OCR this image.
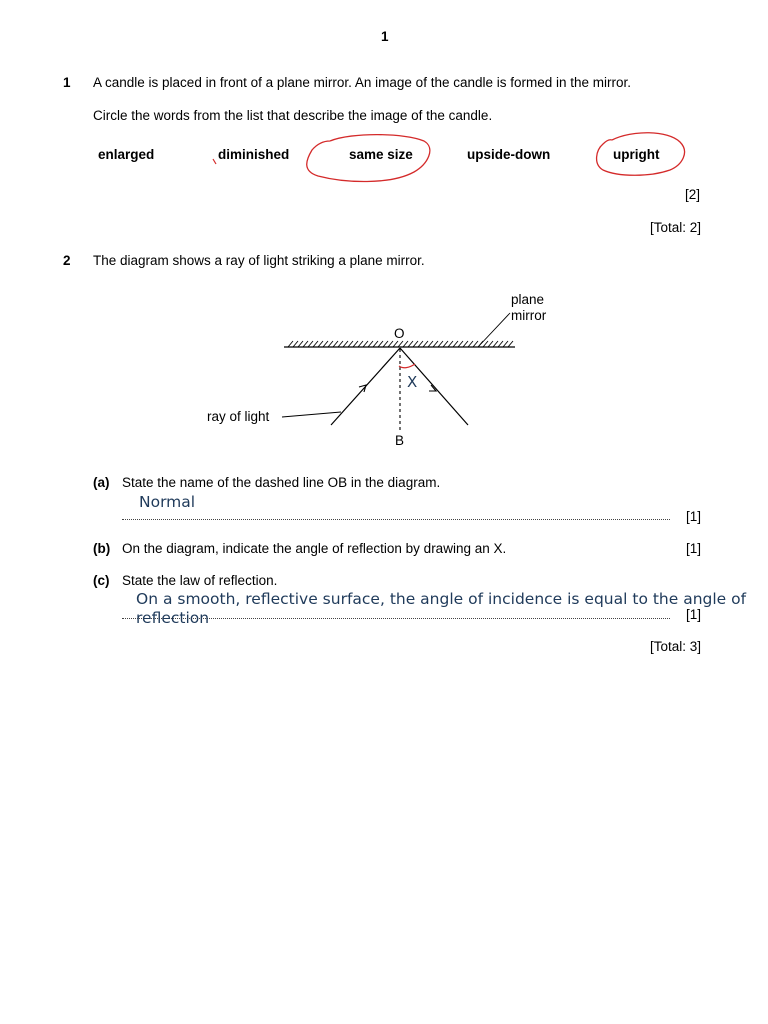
1
1 A candle is placed in front of a plane mirror. An image of the candle is formed in the mirror.
Circle the words from the list that describe the image of the candle.
enlarged	diminished	same size	upside-down	upright
[2]
[Total: 2]
2 The diagram shows a ray of light striking a plane mirror.
plane
mirror
O
B
ray of light
X
(a) State the name of the dashed line OB in the diagram.
Normal
[1]
(b) On the diagram, indicate the angle of reflection by drawing an X.	[1]
(c) State the law of reflection.
On a smooth, reflective surface, the angle of incidence is equal to the angle of
reflection	[1]
[Total: 3]
